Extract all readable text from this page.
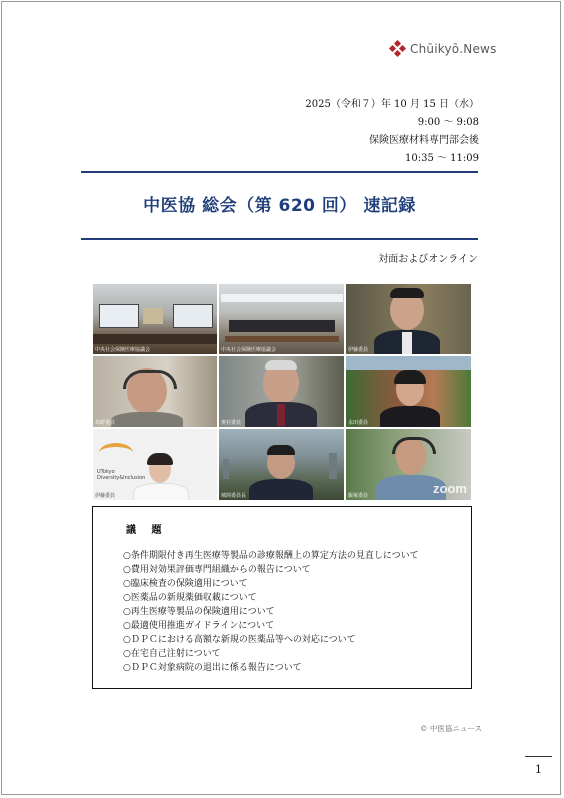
Chūikyō.News
2025（令和７）年 10 月 15 日（水）
9:00 ～ 9:08
保険医療材料専門部会後
10:35 ～ 11:09
中医協 総会（第 620 回） 速記録
対面およびオンライン
中央社会保険医療協議会	中央社会保険医療協議会	伊藤委員
鳥野委員	奥村委員	永田委員
UTokyo Diversity&Inclusion
伊藤委員	城間委員長	zoom
飯塚委員
議 題
○条件期限付き再生医療等製品の診療報酬上の算定方法の見直しについて
○費用対効果評価専門組織からの報告について
○臨床検査の保険適用について
○医薬品の新規薬価収載について
○再生医療等製品の保険適用について
○最適使用推進ガイドラインについて
○ＤＰＣにおける高額な新規の医薬品等への対応について
○在宅自己注射について
○ＤＰＣ対象病院の退出に係る報告について
© 中医協ニュース
1
